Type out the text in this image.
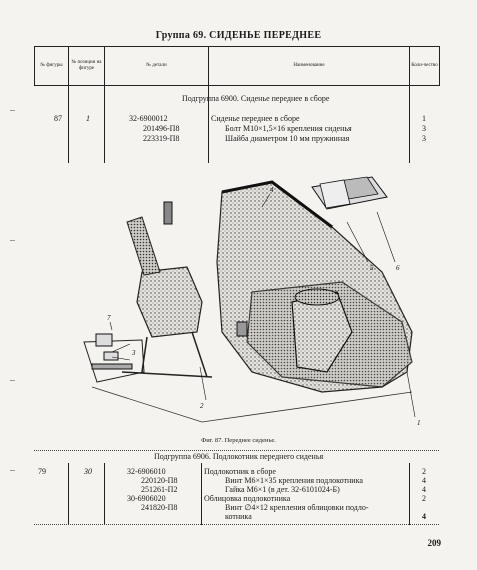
Группа 69. СИДЕНЬЕ ПЕРЕДНЕЕ
№ фигуры	№ позиции на фигуре	№ детали	Наименование	Коли-чество
Подгруппа 6900. Сиденье переднее в сборе
87	1	32-6900012	Сиденье переднее в сборе	1
201496-П8	Болт М10×1,5×16 крепления сиденья	3
223319-П8	Шайба диаметром 10 мм пружинная	3
4
5	6
3
2
1
7
Фиг. 87. Переднее сиденье.
Подгруппа 6906. Подлокотник переднего сиденья
79	30	32-6906010	Подлокотник в сборе	2
220120-П8	Винт М6×1×35 крепления подлокотника	4
251261-П2	Гайка М6×1 (в дет. 32-6101024-Б)	4
30-6906020	Облицовка подлокотника	2
241820-П8	Винт ∅4×12 крепления облицовки подло-
котника	4
209
